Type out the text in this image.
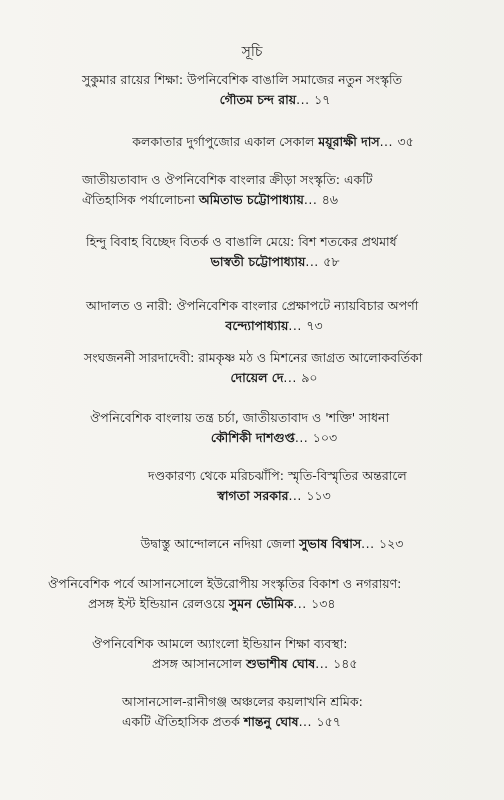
সূচি
সুকুমার রায়ের শিক্ষা: উপনিবেশিক বাঙালি সমাজের নতুন সংস্কৃতি
গৌতম চন্দ রায়... ১৭
কলকাতার দুর্গাপুজোর একাল সেকাল ময়ূরাক্ষী দাস... ৩৫
জাতীয়তাবাদ ও ঔপনিবেশিক বাংলার ক্রীড়া সংস্কৃতি: একটি
ঐতিহাসিক পর্যালোচনা অমিতাভ চট্টোপাধ্যায়... ৪৬
হিন্দু বিবাহ বিচ্ছেদ বিতর্ক ও বাঙালি মেয়ে: বিশ শতকের প্রথমার্ধ
ভাস্বতী চট্টোপাধ্যায়... ৫৮
আদালত ও নারী: ঔপনিবেশিক বাংলার প্রেক্ষাপটে ন্যায়বিচার অপর্ণা
বন্দ্যোপাধ্যায়... ৭৩
সংঘজননী সারদাদেবী: রামকৃষ্ণ মঠ ও মিশনের জাগ্রত আলোকবর্তিকা
দোয়েল দে... ৯০
ঔপনিবেশিক বাংলায় তন্ত্র চর্চা, জাতীয়তাবাদ ও 'শক্তি' সাধনা
কৌশিকী দাশগুপ্ত... ১০৩
দণ্ডকারণ্য থেকে মরিচঝাঁপি: স্মৃতি-বিস্মৃতির অন্তরালে
স্বাগতা সরকার... ১১৩
উদ্বাস্তু আন্দোলনে নদিয়া জেলা সুভাষ বিশ্বাস... ১২৩
ঔপনিবেশিক পর্বে আসানসোলে ইউরোপীয় সংস্কৃতির বিকাশ ও নগরায়ণ:
প্রসঙ্গ ইস্ট ইন্ডিয়ান রেলওয়ে সুমন ভৌমিক... ১৩৪
ঔপনিবেশিক আমলে অ্যাংলো ইন্ডিয়ান শিক্ষা ব্যবস্থা:
প্রসঙ্গ আসানসোল শুভাশীষ ঘোষ... ১৪৫
আসানসোল-রানীগঞ্জ অঞ্চলের কয়লাখনি শ্রমিক:
একটি ঐতিহাসিক প্রতর্ক শান্তনু ঘোষ... ১৫৭
